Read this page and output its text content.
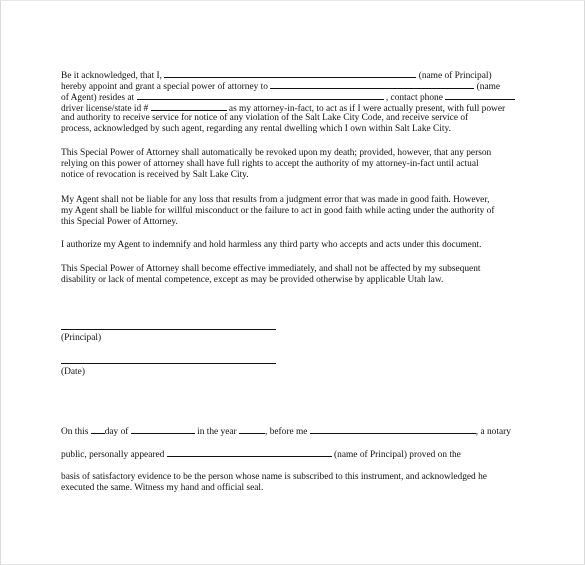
Be it acknowledged, that I,	(name of Principal)
hereby appoint and grant a special power of attorney to	(name
of Agent) resides at	, contact phone
driver license/state id #	as my attorney-in-fact, to act as if I were actually present, with full power
and authority to receive service for notice of any violation of the Salt Lake City Code, and receive service of
process, acknowledged by such agent, regarding any rental dwelling which I own within Salt Lake City.
This Special Power of Attorney shall automatically be revoked upon my death; provided, however, that any person
relying on this power of attorney shall have full rights to accept the authority of my attorney-in-fact until actual
notice of revocation is received by Salt Lake City.
My Agent shall not be liable for any loss that results from a judgment error that was made in good faith. However,
my Agent shall be liable for willful misconduct or the failure to act in good faith while acting under the authority of
this Special Power of Attorney.
I authorize my Agent to indemnify and hold harmless any third party who accepts and acts under this document.
This Special Power of Attorney shall become effective immediately, and shall not be affected by my subsequent
disability or lack of mental competence, except as may be provided otherwise by applicable Utah law.
(Principal)
(Date)
On this day of	in the year	, before me	, a notary
public, personally appeared	(name of Principal) proved on the
basis of satisfactory evidence to be the person whose name is subscribed to this instrument, and acknowledged he
executed the same. Witness my hand and official seal.
